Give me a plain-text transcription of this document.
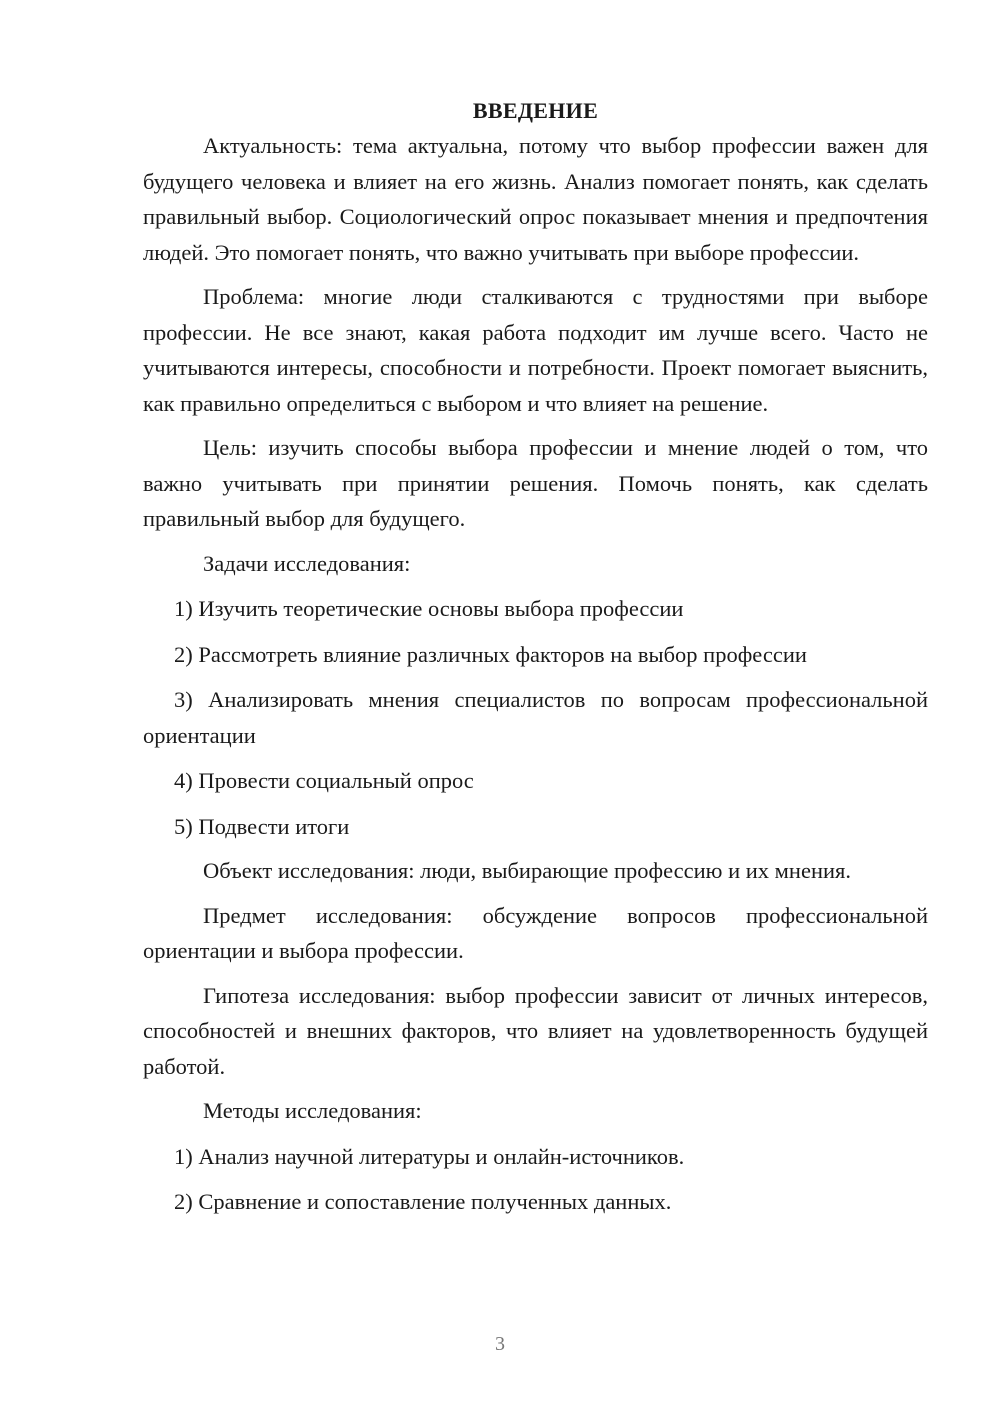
ВВЕДЕНИЕ

Актуальность: тема актуальна, потому что выбор профессии важен для будущего человека и влияет на его жизнь. Анализ помогает понять, как сделать правильный выбор. Социологический опрос показывает мнения и предпочтения людей. Это помогает понять, что важно учитывать при выборе профессии.

Проблема: многие люди сталкиваются с трудностями при выборе профессии. Не все знают, какая работа подходит им лучше всего. Часто не учитываются интересы, способности и потребности. Проект помогает выяснить, как правильно определиться с выбором и что влияет на решение.

Цель: изучить способы выбора профессии и мнение людей о том, что важно учитывать при принятии решения. Помочь понять, как сделать правильный выбор для будущего.

Задачи исследования:

1) Изучить теоретические основы выбора профессии

2) Рассмотреть влияние различных факторов на выбор профессии

3) Анализировать мнения специалистов по вопросам профессиональной ориентации

4) Провести социальный опрос

5) Подвести итоги

Объект исследования: люди, выбирающие профессию и их мнения.

Предмет исследования: обсуждение вопросов профессиональной ориентации и выбора профессии.

Гипотеза исследования: выбор профессии зависит от личных интересов, способностей и внешних факторов, что влияет на удовлетворенность будущей работой.

Методы исследования:

1) Анализ научной литературы и онлайн-источников.

2) Сравнение и сопоставление полученных данных.

3
